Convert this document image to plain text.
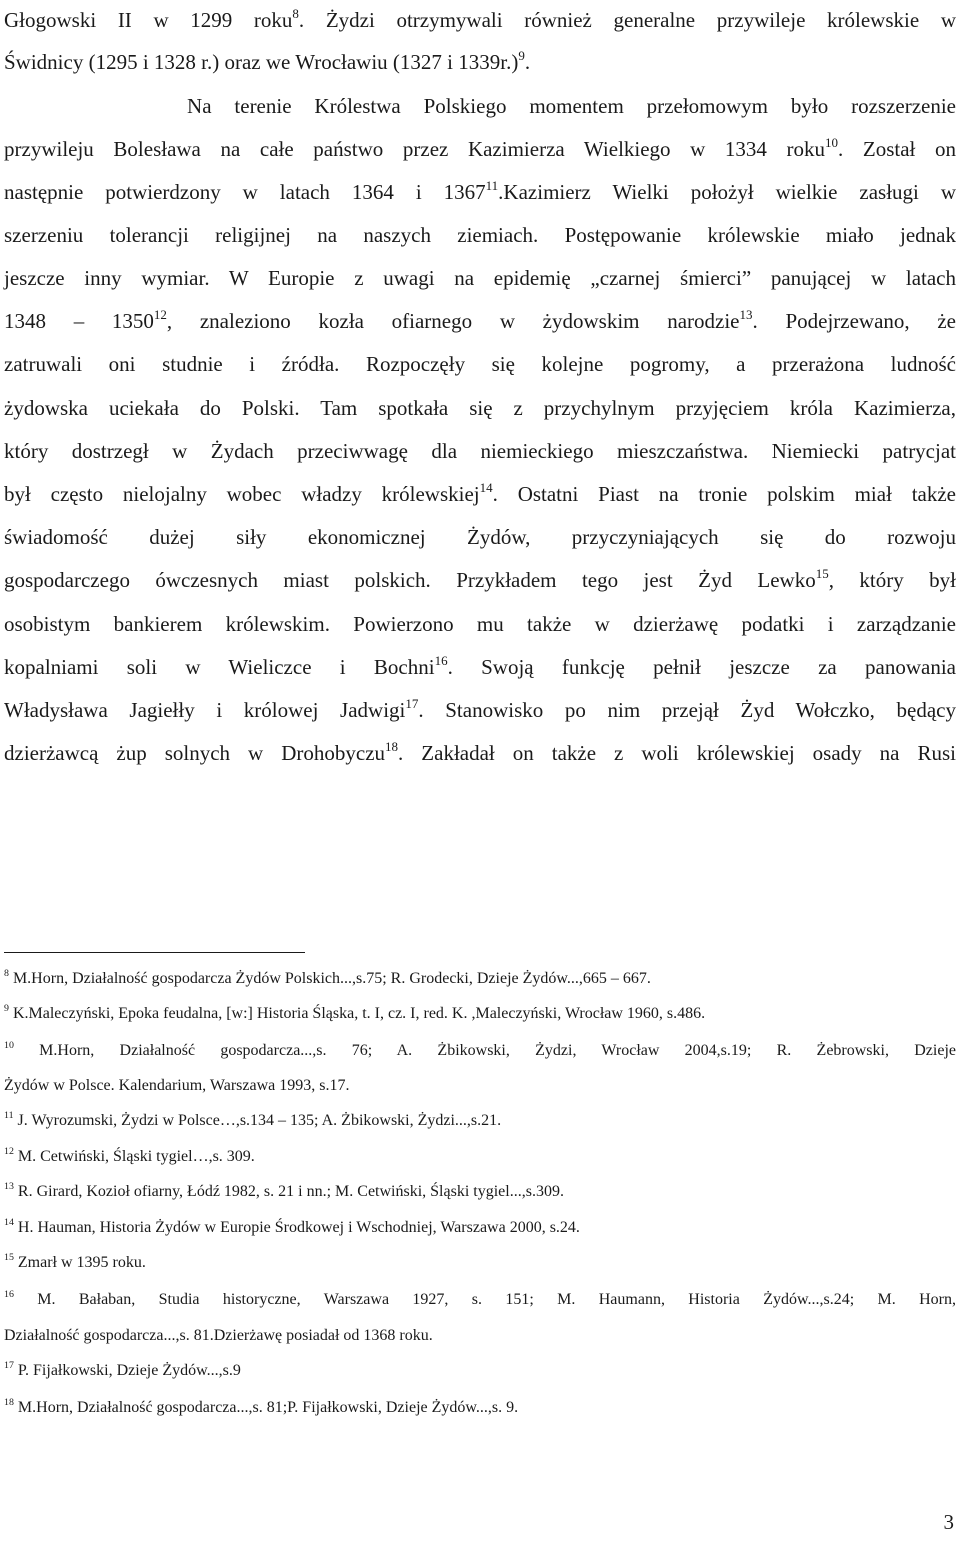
Głogowski II w 1299 roku$^8$. Żydzi otrzymywali również generalne przywileje królewskie w
Świdnicy (1295 i 1328 r.) oraz we Wrocławiu (1327 i 1339r.)$^9$.
Na terenie Królestwa Polskiego momentem przełomowym było rozszerzenie
przywileju Bolesława na całe państwo przez Kazimierza Wielkiego w 1334 roku$^{10}$. Został on
następnie potwierdzony w latach 1364 i 1367$^{11}$.Kazimierz Wielki położył wielkie zasługi w
szerzeniu tolerancji religijnej na naszych ziemiach. Postępowanie królewskie miało jednak
jeszcze inny wymiar. W Europie z uwagi na epidemię „czarnej śmierci” panującej w latach
1348 – 1350$^{12}$, znaleziono kozła ofiarnego w żydowskim narodzie$^{13}$. Podejrzewano, że
zatruwali oni studnie i źródła. Rozpoczęły się kolejne pogromy, a przerażona ludność
żydowska uciekała do Polski. Tam spotkała się z przychylnym przyjęciem króla Kazimierza,
który dostrzegł w Żydach przeciwwagę dla niemieckiego mieszczaństwa. Niemiecki patrycjat
był często nielojalny wobec władzy królewskiej$^{14}$. Ostatni Piast na tronie polskim miał także
świadomość dużej siły ekonomicznej Żydów, przyczyniających się do rozwoju
gospodarczego ówczesnych miast polskich. Przykładem tego jest Żyd Lewko$^{15}$, który był
osobistym bankierem królewskim. Powierzono mu także w dzierżawę podatki i zarządzanie
kopalniami soli w Wieliczce i Bochni$^{16}$. Swoją funkcję pełnił jeszcze za panowania
Władysława Jagiełły i królowej Jadwigi$^{17}$. Stanowisko po nim przejął Żyd Wołczko, będący
dzierżawcą żup solnych w Drohobyczu$^{18}$. Zakładał on także z woli królewskiej osady na Rusi
$^8$ M.Horn, Działalność gospodarcza Żydów Polskich...,s.75; R. Grodecki, Dzieje Żydów...,665 – 667.
$^9$ K.Maleczyński, Epoka feudalna, [w:] Historia Śląska, t. I, cz. I, red. K. ,Maleczyński, Wrocław 1960, s.486.
$^{10}$ M.Horn, Działalność gospodarcza...,s. 76; A. Żbikowski, Żydzi, Wrocław 2004,s.19; R. Żebrowski, Dzieje
Żydów w Polsce. Kalendarium, Warszawa 1993, s.17.
$^{11}$ J. Wyrozumski, Żydzi w Polsce…,s.134 – 135; A. Żbikowski, Żydzi...,s.21.
$^{12}$ M. Cetwiński, Śląski tygiel…,s. 309.
$^{13}$ R. Girard, Kozioł ofiarny, Łódź 1982, s. 21 i nn.; M. Cetwiński, Śląski tygiel...,s.309.
$^{14}$ H. Hauman, Historia Żydów w Europie Środkowej i Wschodniej, Warszawa 2000, s.24.
$^{15}$ Zmarł w 1395 roku.
$^{16}$ M. Bałaban, Studia historyczne, Warszawa 1927, s. 151; M. Haumann, Historia Żydów...,s.24; M. Horn,
Działalność gospodarcza...,s. 81.Dzierżawę posiadał od 1368 roku.
$^{17}$ P. Fijałkowski, Dzieje Żydów...,s.9
$^{18}$ M.Horn, Działalność gospodarcza...,s. 81;P. Fijałkowski, Dzieje Żydów...,s. 9.
3
